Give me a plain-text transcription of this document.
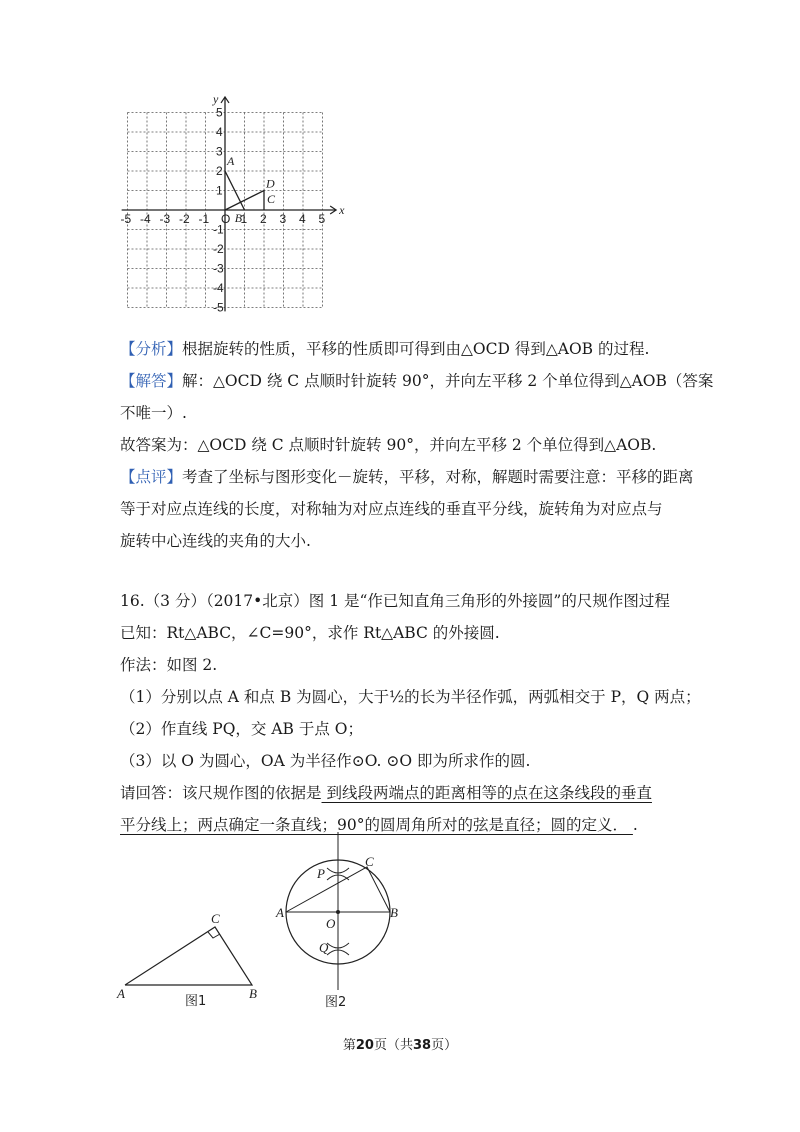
x
y
-5 -4 -3 -2 -1 O 1 2 3 4 5
5
4
3
2
1
-1
-2
-3
-4
-5
A
B
C
D
【分析】根据旋转的性质，平移的性质即可得到由△OCD 得到△AOB 的过程.
【解答】解：△OCD 绕 C 点顺时针旋转 90°，并向左平移 2 个单位得到△AOB（答案
不唯一）.
故答案为：△OCD 绕 C 点顺时针旋转 90°，并向左平移 2 个单位得到△AOB.
【点评】考查了坐标与图形变化－旋转，平移，对称，解题时需要注意：平移的距离
等于对应点连线的长度，对称轴为对应点连线的垂直平分线，旋转角为对应点与
旋转中心连线的夹角的大小.
16.（3 分）（2017•北京）图 1 是“作已知直角三角形的外接圆”的尺规作图过程
已知：Rt△ABC，∠C=90°，求作 Rt△ABC 的外接圆.
作法：如图 2.
（1）分别以点 A 和点 B 为圆心，大于½的长为半径作弧，两弧相交于 P，Q 两点；
（2）作直线 PQ，交 AB 于点 O；
（3）以 O 为圆心，OA 为半径作⊙O. ⊙O 即为所求作的圆.
请回答：该尺规作图的依据是 到线段两端点的距离相等的点在这条线段的垂直
平分线上；两点确定一条直线；90°的圆周角所对的弦是直径；圆的定义． .
A	B
C
图1
A	B
C
O
P
Q
图2
第20页（共38页）
